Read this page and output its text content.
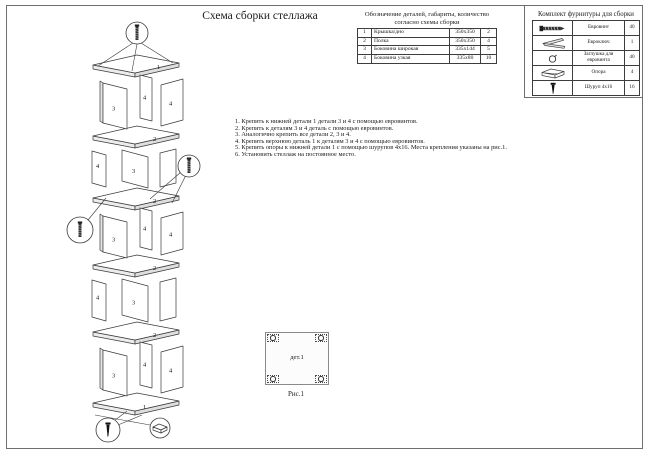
1
2
2
2
2
1
3
4
4
4
3
3
4
4
4
3
3
4
4
Схема сборки стеллажа	Обозначение деталей, габариты, количество
согласно схемы сборки
1	Крышка/дно	350x350	2
2	Полка	350x350	4
3	Боковина широкая	335x144	5
4	Боковина узкая	335x80	10
Комплект фурнитуры для сборки
	Евровинт	40

	Евроключ	1

	Заглушка для евровинта	40

	Опора	4

	Шуруп 4x16	16
1. Крепить к нижней детали 1 детали 3 и 4 с помощью евровинтов.
2. Крепить к деталям 3 и 4 деталь с помощью евровинтов.
3. Аналогично крепить все детали 2, 3 и 4.
4. Крепить верхнюю деталь 1 к деталям 3 и 4 с помощью евровинтов.
5. Крепить опоры к нижней детали 1 с помощью шурупов 4x16. Места крепления указаны на рис.1.
6. Установить стеллаж на постоянное место.
дет.1
Рис.1
